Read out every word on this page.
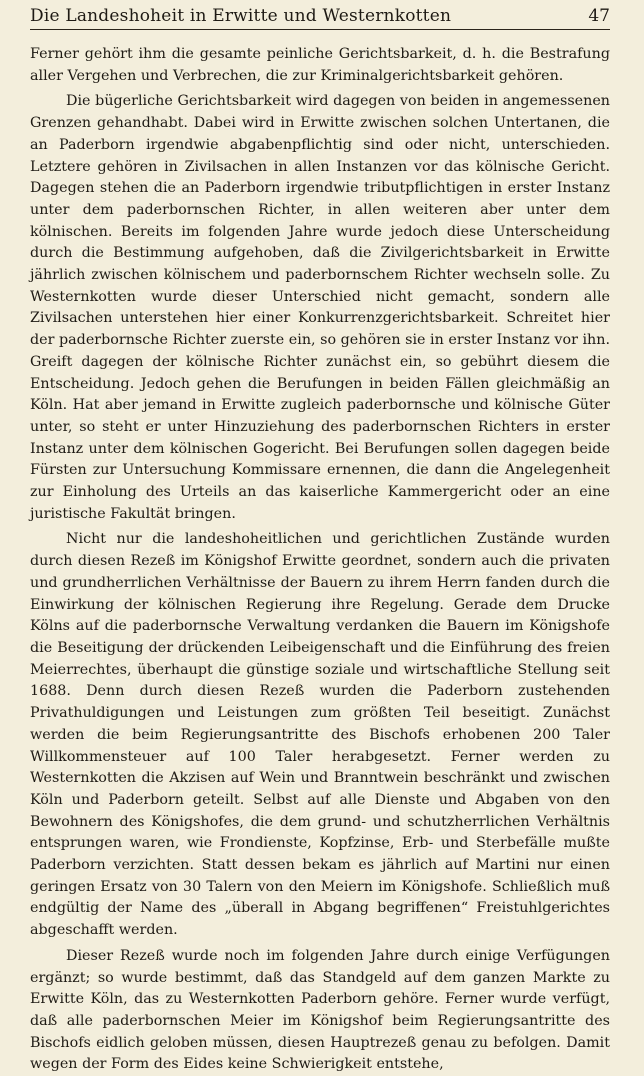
Die Landeshoheit in Erwitte und Westernkotten	47

Ferner gehört ihm die gesamte peinliche Gerichtsbarkeit, d. h. die Bestrafung aller Vergehen und Verbrechen, die zur Kriminalgerichtsbarkeit gehören.

Die bügerliche Gerichtsbarkeit wird dagegen von beiden in angemessenen Grenzen gehandhabt. Dabei wird in Erwitte zwischen solchen Untertanen, die an Paderborn irgendwie abgabenpflichtig sind oder nicht, unterschieden. Letztere gehören in Zivilsachen in allen Instanzen vor das kölnische Gericht. Dagegen stehen die an Paderborn irgendwie tributpflichtigen in erster Instanz unter dem paderbornschen Richter, in allen weiteren aber unter dem kölnischen. Bereits im folgenden Jahre wurde jedoch diese Unterscheidung durch die Bestimmung aufgehoben, daß die Zivilgerichtsbarkeit in Erwitte jährlich zwischen kölnischem und paderbornschem Richter wechseln solle. Zu Westernkotten wurde dieser Unterschied nicht gemacht, sondern alle Zivilsachen unterstehen hier einer Konkurrenzgerichtsbarkeit. Schreitet hier der paderbornsche Richter zuerste ein, so gehören sie in erster Instanz vor ihn. Greift dagegen der kölnische Richter zunächst ein, so gebührt diesem die Entscheidung. Jedoch gehen die Berufungen in beiden Fällen gleichmäßig an Köln. Hat aber jemand in Erwitte zugleich paderbornsche und kölnische Güter unter, so steht er unter Hinzuziehung des paderbornschen Richters in erster Instanz unter dem kölnischen Gogericht. Bei Berufungen sollen dagegen beide Fürsten zur Untersuchung Kommissare ernennen, die dann die Angelegenheit zur Einholung des Urteils an das kaiserliche Kammergericht oder an eine juristische Fakultät bringen.

Nicht nur die landeshoheitlichen und gerichtlichen Zustände wurden durch diesen Rezeß im Königshof Erwitte geordnet, sondern auch die privaten und grundherrlichen Verhältnisse der Bauern zu ihrem Herrn fanden durch die Einwirkung der kölnischen Regierung ihre Regelung. Gerade dem Drucke Kölns auf die paderbornsche Verwaltung verdanken die Bauern im Königshofe die Beseitigung der drückenden Leibeigenschaft und die Einführung des freien Meierrechtes, überhaupt die günstige soziale und wirtschaftliche Stellung seit 1688. Denn durch diesen Rezeß wurden die Paderborn zustehenden Privathuldigungen und Leistungen zum größten Teil beseitigt. Zunächst werden die beim Regierungsantritte des Bischofs erhobenen 200 Taler Willkommensteuer auf 100 Taler herabgesetzt. Ferner werden zu Westernkotten die Akzisen auf Wein und Branntwein beschränkt und zwischen Köln und Paderborn geteilt. Selbst auf alle Dienste und Abgaben von den Bewohnern des Königshofes, die dem grund- und schutzherrlichen Verhältnis entsprungen waren, wie Frondienste, Kopfzinse, Erb- und Sterbefälle mußte Paderborn verzichten. Statt dessen bekam es jährlich auf Martini nur einen geringen Ersatz von 30 Talern von den Meiern im Königshofe. Schließlich muß endgültig der Name des „überall in Abgang begriffenen“ Freistuhlgerichtes abgeschafft werden.

Dieser Rezeß wurde noch im folgenden Jahre durch einige Verfügungen ergänzt; so wurde bestimmt, daß das Standgeld auf dem ganzen Markte zu Erwitte Köln, das zu Westernkotten Paderborn gehöre. Ferner wurde verfügt, daß alle paderbornschen Meier im Königshof beim Regierungsantritte des Bischofs eidlich geloben müssen, diesen Hauptrezeß genau zu befolgen. Damit wegen der Form des Eides keine Schwierigkeit entstehe,
